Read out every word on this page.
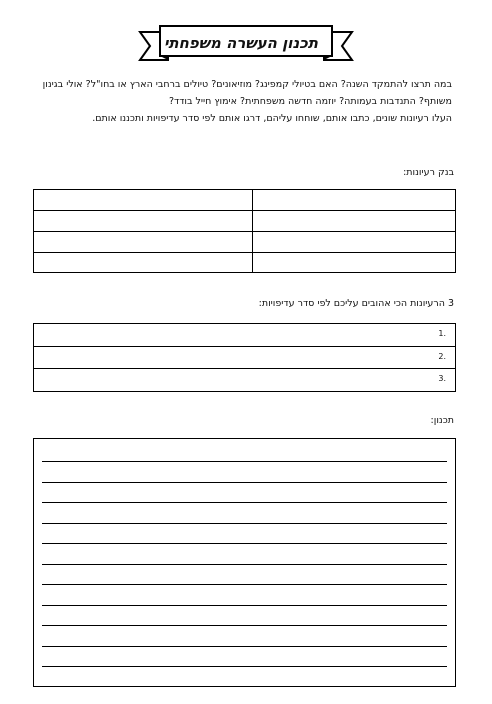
תכנון העשרה משפחתי
במה תרצו להתמקד השנה? האם בטיולי קמפינג? מוזיאונים? טיולים ברחבי הארץ או בחו"ל? אולי בגינון
משותף? התנדבות בעמותה? יוזמה חדשה משפחתית? אימוץ חייל בודד?
העלו רעיונות שונים, כתבו אותם, שוחחו עליהם, דרגו אותם לפי סדר עדיפויות ותכננו אותם.
בנק רעיונות:
3 הרעיונות הכי אהובים עליכם לפי סדר עדיפויות:
1.
2.
3.
תכנון:
